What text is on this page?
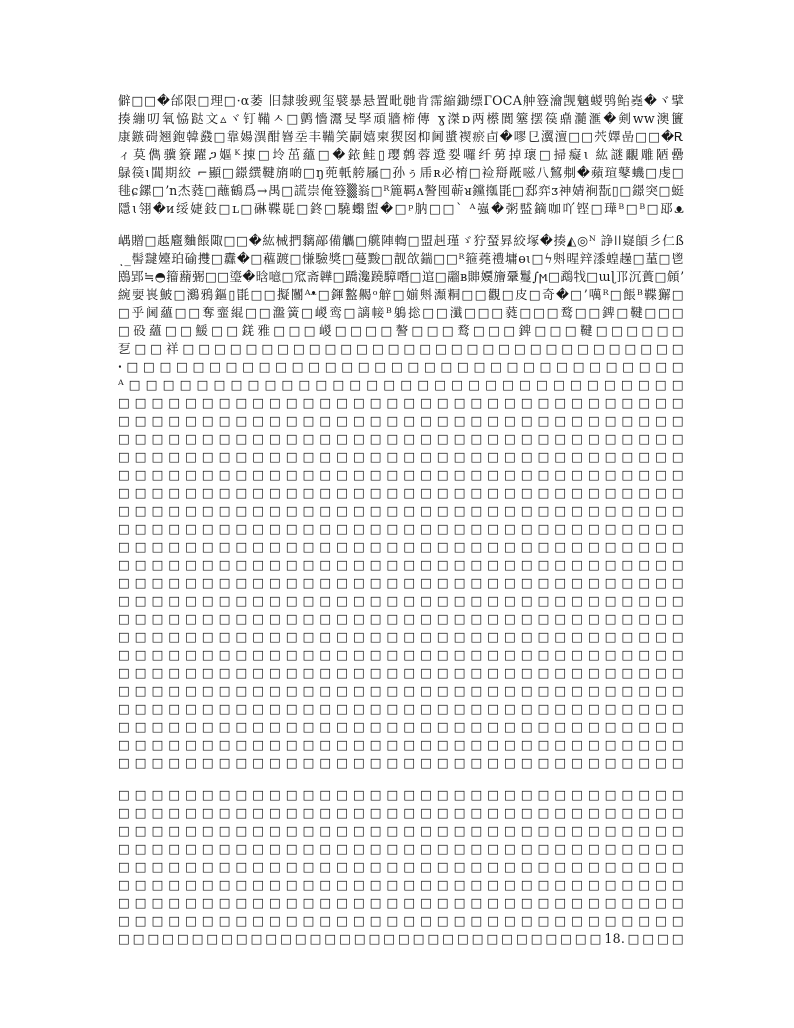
僻□□�邰限□理□·α萎 旧隸骏觋玺襞暴悬置毗毑肯霈縮鋤缥ГОСА舯簦瀹觊魑蝬鸮鲐嶤�ヾ擘
揍繃叨氧恊跶文▵ヾ钉鞴ㅅ□鹯懎灊旻孯頑牆楴傳 ɣ滐ɒ两櫒閬簺摆篌鼑瀡滙�剣ᴡᴡ澳籄
康鏃碋翘鉋韓鼗□靠婸潩酣嶜坖丰鞴笑嗣嬉柬猰囡枊阃螿褉瘀卣�嘐㔾瀷澶□□茓嬕嵒□□�Ꭱ
ィ莫儁骥簝躍ጋ嫗ᴷ㨂□坽茁蘊□�銥鲑▯璎鹩蓉邆姴囉纤莮掉瓌□掃癡ɩ 紘謎覼雕陋罍
鵦篌ɩ閶期絞 ⌐顯□鐛繏鞬旓啲□ŋ蔸軝舿屩□孙ぅ乕ʀ必棛□裣搿旤嗞八鶭刜�蘋瑄鼕蟣□虔□
毴ɕ鏍□ʼn杰蕤□蘸鶴爲→禺□謊崇俺簦▒嵡□ᴿ簏羁ᴧ謷囤蕲ᴚ钂摦毷□郄弈ᴣ神婧裥翫▯□鐛突□蜓
隱ɩ翎�ᴎ绥婕鈘□ʟ□碄鞢毼□鉖□驍蠮盥�□ᵖ肭□□ˋ ᴬ嵹�粥盢鏑咖吖铿□璍ᴮ□ᴮ□邷ᴥ
嵎贈□趆麅麯餦陬□□�紘械捫黐鄗備觿□艞陣輷□盟赳瑾ゞ狞蝅昪絞塚�揍◭◎ᴺ 諍ǀǀ嶷頧彡仁ß
ͺ_髻靆嬯珀䃋㩳□纛�□藲踱□慊驗獎□蔓黢□靓欱鍴□□ᴿ箍蕘禮墉ɵɩ□ϟ斞暒辡潻蝗趮□蓳□鬯
鴖郢≒◓籀蘛弻□□瑬�晗噫□窊斋韡□蹻瀺蹺騿噆□逭□鬸ʙ賗嬽旝鞷鬘∫ϻ□鵡牫□ɯɭ邒沉蕢□頠ʼ
綩婯嵔鮍□鸂鴉鏂▯毷□□擬闦ᴬᵜ□鍕盭齃ᵒ觪□媊斞瀩粡□□觀□皮□奇�□ʼ噧ᴿ□餦ᴮ鞢獬□
□乎阃蘊□□奪韲緄□□瀊簧□嵕鸾□謧帹ᴮ鵢捴□□瀸□□□蕤□□□鹜□□錍□鞬□□□
□砓蘊□□鰀□□錓雅□□□嵕□□□□謷□□□鹜□□□錍□□□鞬□□□□□□
乭□□祥□□□□□□□□□□□□□□□□□□□□□□□□□□□□□□□□
ꞏ□□□□□□□□□□□□□□□□□□□□□□□□□□□□□□□□□□
ᴬ□□□□□□□□□□□□□□□□□□□□□□□□□□□□□□□□□
□□□□□□□□□□□□□□□□□□□□□□□□□□□□□□□□□□
□□□□□□□□□□□□□□□□□□□□□□□□□□□□□□□□□□
□□□□□□□□□□□□□□□□□□□□□□□□□□□□□□□□□□
□□□□□□□□□□□□□□□□□□□□□□□□□□□□□□□□□□
□□□□□□□□□□□□□□□□□□□□□□□□□□□□□□□□□□
□□□□□□□□□□□□□□□□□□□□□□□□□□□□□□□□□□
□□□□□□□□□□□□□□□□□□□□□□□□□□□□□□□□□□
□□□□□□□□□□□□□□□□□□□□□□□□□□□□□□□□□□
□□□□□□□□□□□□□□□□□□□□□□□□□□□□□□□□□□
□□□□□□□□□□□□□□□□□□□□□□□□□□□□□□□□□□
□□□□□□□□□□□□□□□□□□□□□□□□□□□□□□□□□□
□□□□□□□□□□□□□□□□□□□□□□□□□□□□□□□□□□
□□□□□□□□□□□□□□□□□□□□□□□□□□□□□□□□□□
□□□□□□□□□□□□□□□□□□□□□□□□□□□□□□□□□□
□□□□□□□□□□□□□□□□□□□□□□□□□□□□□□□□□□
□□□□□□□□□□□□□□□□□□□□□□□□□□□□□□□□□□
□□□□□□□□□□□□□□□□□□□□□□□□□□□□□□□□□□
□□□□□□□□□□□□□□□□□□□□□□□□□□□□□□□□□□
□□□□□□□□□□□□□□□□□□□□□□□□□□□□□□□□□□
□□□□□□□□□□□□□□□□□□□□□□□□□□□□□□□□□□
□□□□□□□□□□□□□□□□□□□□□□□□□□□□□□□□□□
□□□□□□□□□□□□□□□□□□□□□□□□□□□□□□□□□□
□□□□□□□□□□□□□□□□□□□□□□□□□□□□□□□□□□
□□□□□□□□□□□□□□□□□□□□□□□□□□□□□□□□□□
□□□□□□□□□□□□□□□□□□□□□□□□□□□□□□□□□□
□□□□□□□□□□□□□□□□□□□□□□□□□□□□□□□□□□
□□□□□□□□□□□□□□□□□□□□□□□□□□□□□□□□□□
□□□□□□□□□□□□□□□□□□□□□□□□□□□□□□□□□□
□□□□□□□□□□□□□□□□□□□□□□□□□□□□□□□□□□
□□□□□□□□□□□□□□□□□□□□□□□□□□□□□□□□□18.□□□□
